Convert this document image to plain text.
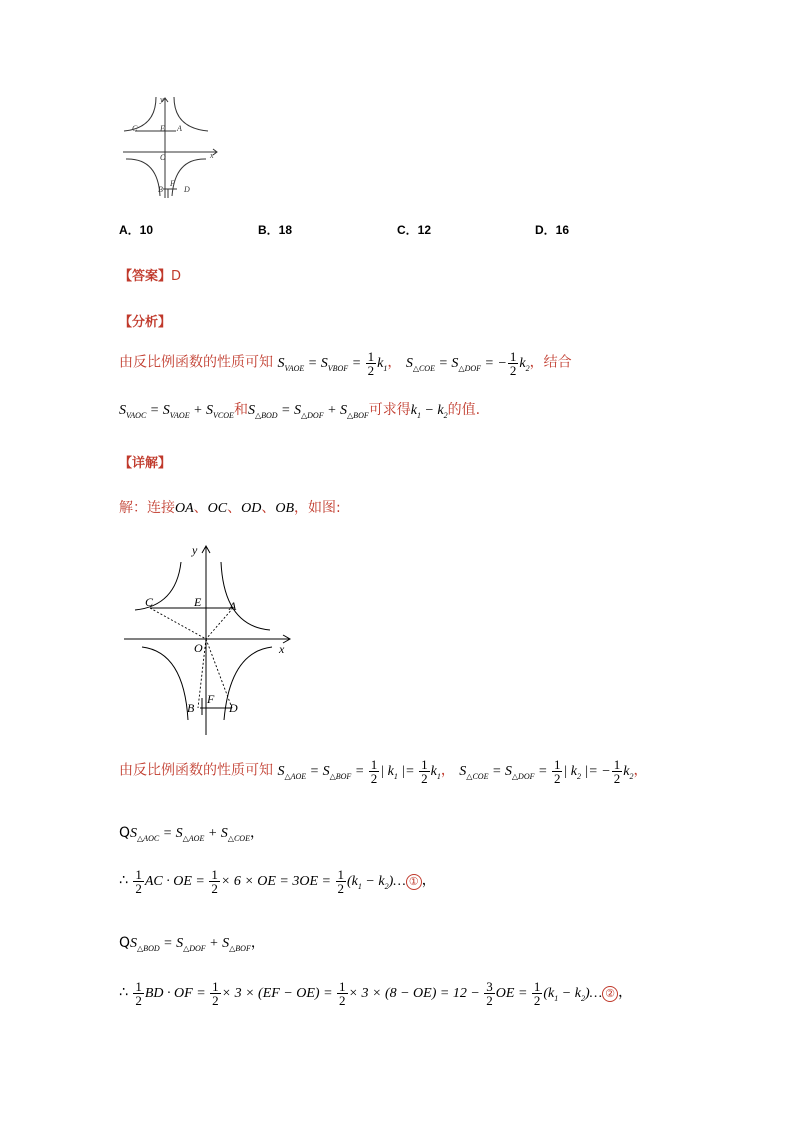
y
x
O
C	E A
B
F
D
A．10	B．18	C．12	D．16
【答案】D
【分析】
由反比例函数的性质可知 $S_{VAOE} = S_{VBOF} = \frac{1}{2} k_1$， $S_{\triangle COE} = S_{\triangle DOF}$ = − $\frac{1}{2} k_2$，结合
$S_{VAOC} = S_{VAOE} + S_{VCOE}$和$S_{\triangle BOD} = S_{\triangle DOF} + S_{\triangle BOF}$可求得$k_1 - k_2$的值.
【详解】
解：连接OA、OC、OD、OB，如图:
y
x
O
C	E A
B
F
D
由反比例函数的性质可知 $S_{\triangle AOE} = S_{\triangle BOF} = \frac{1}{2}$ | $k_1$ |= $\frac{1}{2} k_1$， $S_{\triangle COE} = S_{\triangle DOF} = \frac{1}{2}$ | $k_2$ |= − $\frac{1}{2} k_2$，
$QS_{\triangle AOC} = S_{\triangle AOE} + S_{\triangle COE}$，
∴ $\frac{1}{2}$ AC · OE = $\frac{1}{2} \times 6$ × OE = $3OE = \frac{1}{2} (k_1$ − $k_2)\dots$ ① ，
$QS_{\triangle BOD} = S_{\triangle DOF} + S_{\triangle BOF}$，
∴ $\frac{1}{2}$ BD · OF = $\frac{1}{2} \times 3 \times (EF - OE) = \frac{1}{2} \times 3 \times (8 - OE) = 12 - \frac{3}{2}$ OE = $\frac{1}{2} (k_1$ − $k_2)\dots$ ② ，
